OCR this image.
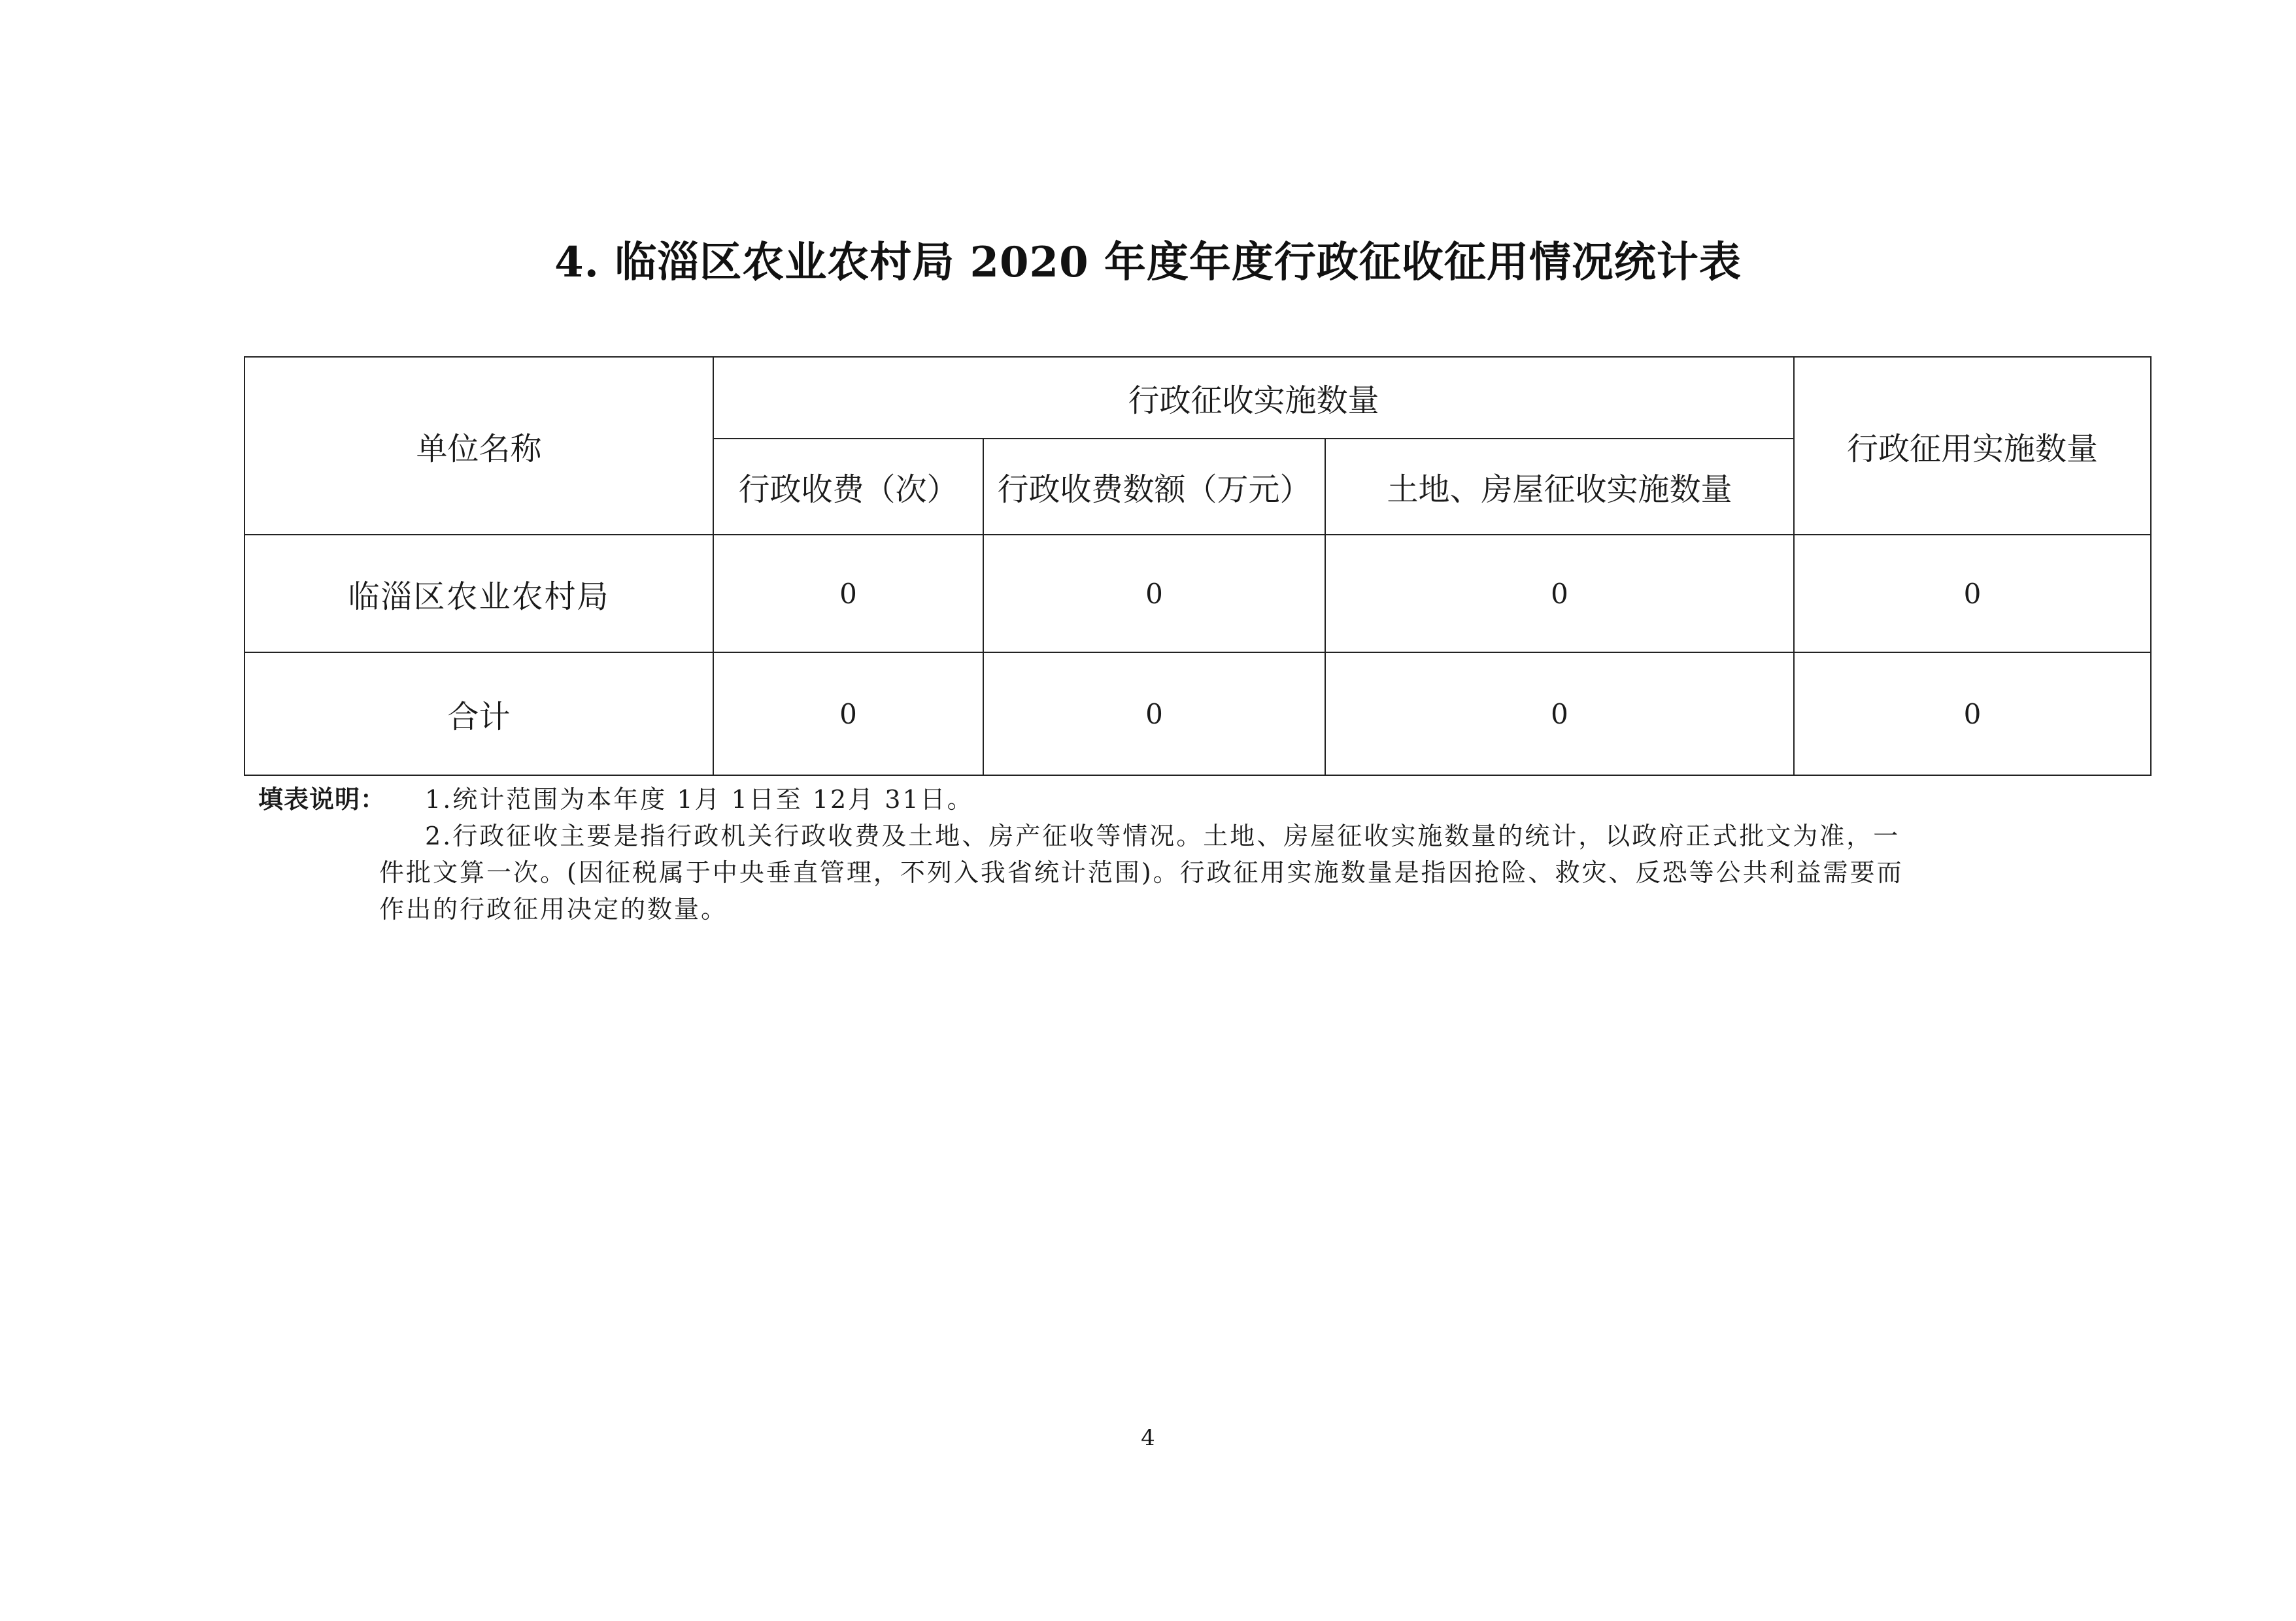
4. 临淄区农业农村局 2020 年度年度行政征收征用情况统计表
单位名称	行政征收实施数量			行政征用实施数量
	行政收费（次）	行政收费数额（万元）	土地、房屋征收实施数量	
临淄区农业农村局	0	0	0	0
合计	0	0	0	0
填表说明： 1.统计范围为本年度 1月 1日至 12月 31日。
2.行政征收主要是指行政机关行政收费及土地、房产征收等情况。土地、房屋征收实施数量的统计，以政府正式批文为准，一
件批文算一次。(因征税属于中央垂直管理，不列入我省统计范围)。行政征用实施数量是指因抢险、救灾、反恐等公共利益需要而
作出的行政征用决定的数量。
4
